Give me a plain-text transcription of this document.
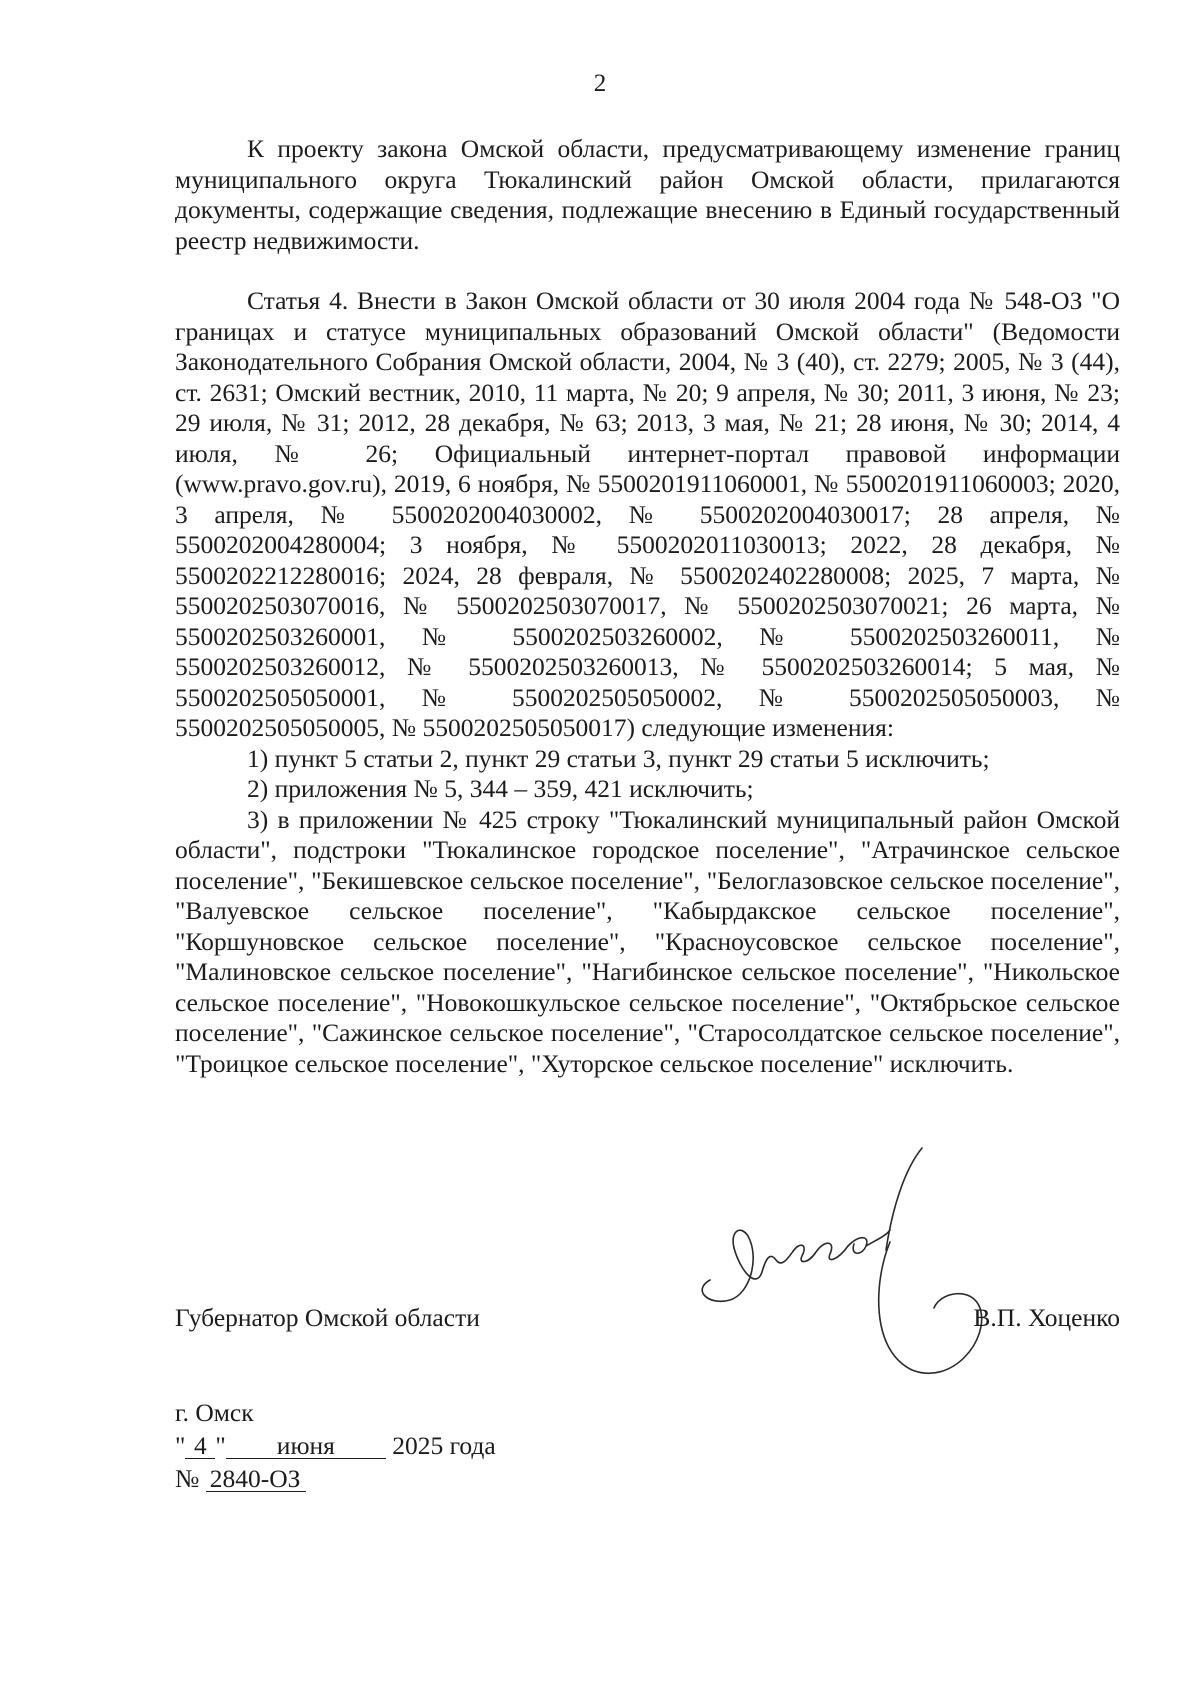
2

К проекту закона Омской области, предусматривающему изменение границ муниципального округа Тюкалинский район Омской области, прилагаются документы, содержащие сведения, подлежащие внесению в Единый государственный реестр недвижимости.

Статья 4. Внести в Закон Омской области от 30 июля 2004 года № 548-ОЗ "О границах и статусе муниципальных образований Омской области" (Ведомости Законодательного Собрания Омской области, 2004, № 3 (40), ст. 2279; 2005, № 3 (44), ст. 2631; Омский вестник, 2010, 11 марта, № 20; 9 апреля, № 30; 2011, 3 июня, № 23; 29 июля, № 31; 2012, 28 декабря, № 63; 2013, 3 мая, № 21; 28 июня, № 30; 2014, 4 июля, № 26; Официальный интернет-портал правовой информации (www.pravo.gov.ru), 2019, 6 ноября, № 5500201911060001, № 5500201911060003; 2020, 3 апреля, № 5500202004030002, № 5500202004030017; 28 апреля, № 5500202004280004; 3 ноября, № 5500202011030013; 2022, 28 декабря, № 5500202212280016; 2024, 28 февраля, № 5500202402280008; 2025, 7 марта, № 5500202503070016, № 5500202503070017, № 5500202503070021; 26 марта, № 5500202503260001, № 5500202503260002, № 5500202503260011, № 5500202503260012, № 5500202503260013, № 5500202503260014; 5 мая, № 5500202505050001, № 5500202505050002, № 5500202505050003, № 5500202505050005, № 5500202505050017) следующие изменения:

1) пункт 5 статьи 2, пункт 29 статьи 3, пункт 29 статьи 5 исключить;

2) приложения № 5, 344 – 359, 421 исключить;

3) в приложении № 425 строку "Тюкалинский муниципальный район Омской области", подстроки "Тюкалинское городское поселение", "Атрачинское сельское поселение", "Бекишевское сельское поселение", "Белоглазовское сельское поселение", "Валуевское сельское поселение", "Кабырдакское сельское поселение", "Коршуновское сельское поселение", "Красноусовское сельское поселение", "Малиновское сельское поселение", "Нагибинское сельское поселение", "Никольское сельское поселение", "Новокошкульское сельское поселение", "Октябрьское сельское поселение", "Сажинское сельское поселение", "Старосолдатское сельское поселение", "Троицкое сельское поселение", "Хуторское сельское поселение" исключить.

Губернатор Омской области	В.П. Хоценко
г. Омск
" 4 " июня 2025 года
№ 2840-ОЗ
